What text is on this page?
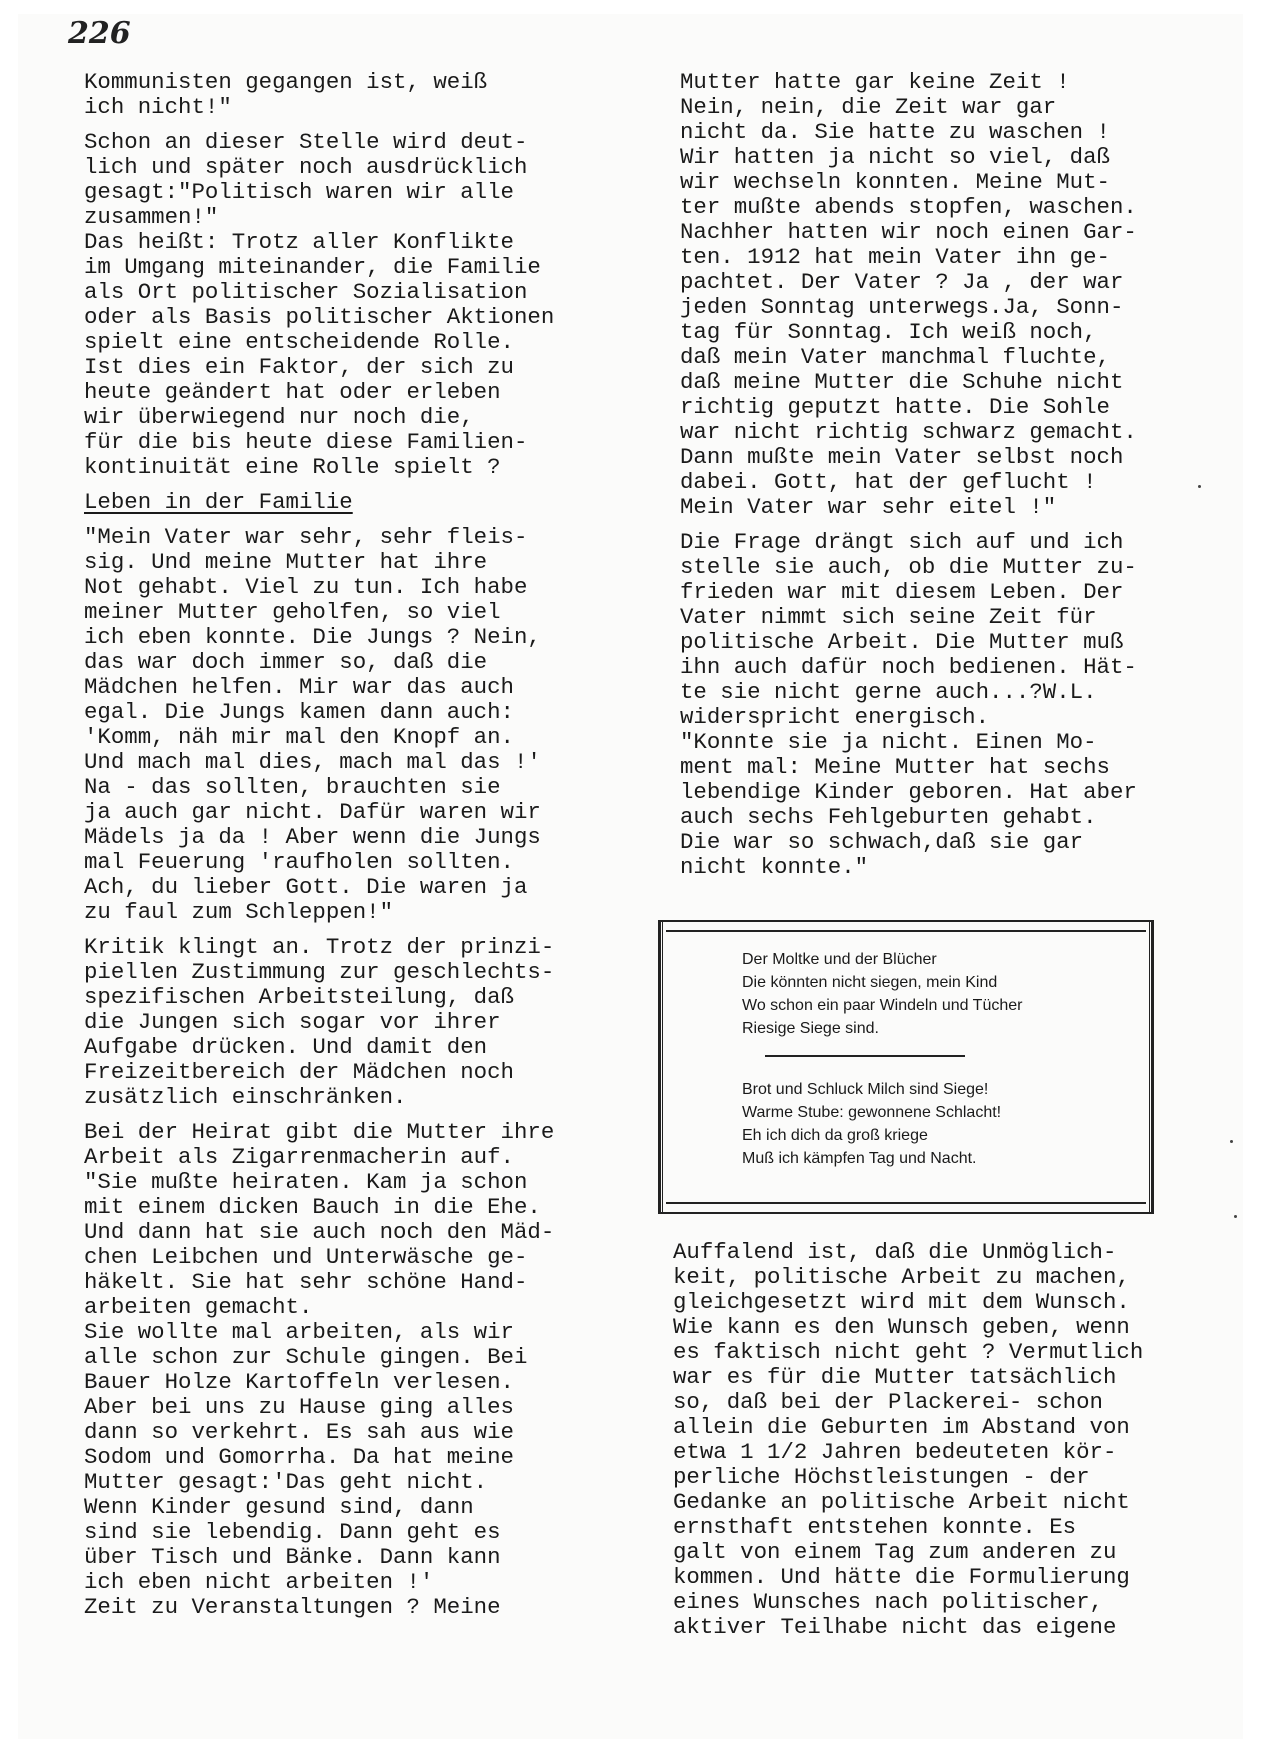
226

Kommunisten gegangen ist, weiß

ich nicht!"

Schon an dieser Stelle wird deut-

lich und später noch ausdrücklich

gesagt:"Politisch waren wir alle

zusammen!"

Das heißt: Trotz aller Konflikte

im Umgang miteinander, die Familie

als Ort politischer Sozialisation

oder als Basis politischer Aktionen

spielt eine entscheidende Rolle.

Ist dies ein Faktor, der sich zu

heute geändert hat oder erleben

wir überwiegend nur noch die,

für die bis heute diese Familien-

kontinuität eine Rolle spielt ?

Leben in der Familie

"Mein Vater war sehr, sehr fleis-

sig. Und meine Mutter hat ihre

Not gehabt. Viel zu tun. Ich habe

meiner Mutter geholfen, so viel

ich eben konnte. Die Jungs ? Nein,

das war doch immer so, daß die

Mädchen helfen. Mir war das auch

egal. Die Jungs kamen dann auch:

'Komm, näh mir mal den Knopf an.

Und mach mal dies, mach mal das !'

Na - das sollten, brauchten sie

ja auch gar nicht. Dafür waren wir

Mädels ja da ! Aber wenn die Jungs

mal Feuerung 'raufholen sollten.

Ach, du lieber Gott. Die waren ja

zu faul zum Schleppen!"

Kritik klingt an. Trotz der prinzi-

piellen Zustimmung zur geschlechts-

spezifischen Arbeitsteilung, daß

die Jungen sich sogar vor ihrer

Aufgabe drücken. Und damit den

Freizeitbereich der Mädchen noch

zusätzlich einschränken.

Bei der Heirat gibt die Mutter ihre

Arbeit als Zigarrenmacherin auf.

"Sie mußte heiraten. Kam ja schon

mit einem dicken Bauch in die Ehe.

Und dann hat sie auch noch den Mäd-

chen Leibchen und Unterwäsche ge-

häkelt. Sie hat sehr schöne Hand-

arbeiten gemacht.

Sie wollte mal arbeiten, als wir

alle schon zur Schule gingen. Bei

Bauer Holze Kartoffeln verlesen.

Aber bei uns zu Hause ging alles

dann so verkehrt. Es sah aus wie

Sodom und Gomorrha. Da hat meine

Mutter gesagt:'Das geht nicht.

Wenn Kinder gesund sind, dann

sind sie lebendig. Dann geht es

über Tisch und Bänke. Dann kann

ich eben nicht arbeiten !'

Zeit zu Veranstaltungen ? Meine

Mutter hatte gar keine Zeit !

Nein, nein, die Zeit war gar

nicht da. Sie hatte zu waschen !

Wir hatten ja nicht so viel, daß

wir wechseln konnten. Meine Mut-

ter mußte abends stopfen, waschen.

Nachher hatten wir noch einen Gar-

ten. 1912 hat mein Vater ihn ge-

pachtet. Der Vater ? Ja , der war

jeden Sonntag unterwegs.Ja, Sonn-

tag für Sonntag. Ich weiß noch,

daß mein Vater manchmal fluchte,

daß meine Mutter die Schuhe nicht

richtig geputzt hatte. Die Sohle

war nicht richtig schwarz gemacht.

Dann mußte mein Vater selbst noch

dabei. Gott, hat der geflucht !

Mein Vater war sehr eitel !"

Die Frage drängt sich auf und ich

stelle sie auch, ob die Mutter zu-

frieden war mit diesem Leben. Der

Vater nimmt sich seine Zeit für

politische Arbeit. Die Mutter muß

ihn auch dafür noch bedienen. Hät-

te sie nicht gerne auch...?W.L.

widerspricht energisch.

"Konnte sie ja nicht. Einen Mo-

ment mal: Meine Mutter hat sechs

lebendige Kinder geboren. Hat aber

auch sechs Fehlgeburten gehabt.

Die war so schwach,daß sie gar

nicht konnte."

Der Moltke und der Blücher
Die könnten nicht siegen, mein Kind
Wo schon ein paar Windeln und Tücher
Riesige Siege sind.
Brot und Schluck Milch sind Siege!
Warme Stube: gewonnene Schlacht!
Eh ich dich da groß kriege
Muß ich kämpfen Tag und Nacht.

Auffalend ist, daß die Unmöglich-

keit, politische Arbeit zu machen,

gleichgesetzt wird mit dem Wunsch.

Wie kann es den Wunsch geben, wenn

es faktisch nicht geht ? Vermutlich

war es für die Mutter tatsächlich

so, daß bei der Plackerei- schon

allein die Geburten im Abstand von

etwa 1 1/2 Jahren bedeuteten kör-

perliche Höchstleistungen - der

Gedanke an politische Arbeit nicht

ernsthaft entstehen konnte. Es

galt von einem Tag zum anderen zu

kommen. Und hätte die Formulierung

eines Wunsches nach politischer,

aktiver Teilhabe nicht das eigene
